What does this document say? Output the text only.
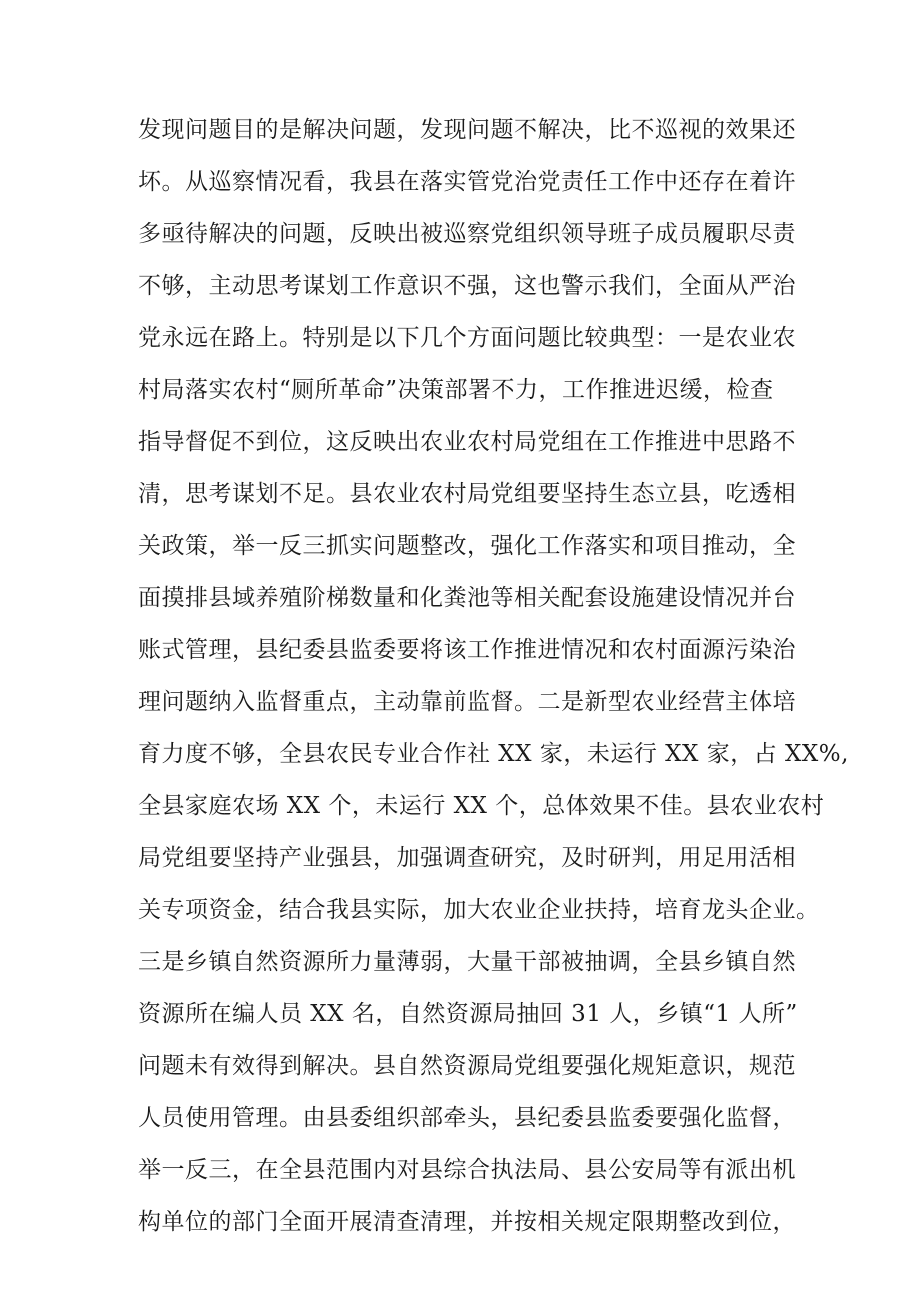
发现问题目的是解决问题，发现问题不解决，比不巡视的效果还
坏。从巡察情况看，我县在落实管党治党责任工作中还存在着许
多亟待解决的问题，反映出被巡察党组织领导班子成员履职尽责
不够，主动思考谋划工作意识不强，这也警示我们，全面从严治
党永远在路上。特别是以下几个方面问题比较典型：一是农业农
村局落实农村“厕所革命”决策部署不力，工作推进迟缓，检查
指导督促不到位，这反映出农业农村局党组在工作推进中思路不
清，思考谋划不足。县农业农村局党组要坚持生态立县，吃透相
关政策，举一反三抓实问题整改，强化工作落实和项目推动，全
面摸排县域养殖阶梯数量和化粪池等相关配套设施建设情况并台
账式管理，县纪委县监委要将该工作推进情况和农村面源污染治
理问题纳入监督重点，主动靠前监督。二是新型农业经营主体培
育力度不够，全县农民专业合作社 XX 家，未运行 XX 家，占 XX%,
全县家庭农场 XX 个，未运行 XX 个，总体效果不佳。县农业农村
局党组要坚持产业强县，加强调查研究，及时研判，用足用活相
关专项资金，结合我县实际，加大农业企业扶持，培育龙头企业。
三是乡镇自然资源所力量薄弱，大量干部被抽调，全县乡镇自然
资源所在编人员 XX 名，自然资源局抽回 31 人，乡镇“1 人所”
问题未有效得到解决。县自然资源局党组要强化规矩意识，规范
人员使用管理。由县委组织部牵头，县纪委县监委要强化监督，
举一反三，在全县范围内对县综合执法局、县公安局等有派出机
构单位的部门全面开展清查清理，并按相关规定限期整改到位，
